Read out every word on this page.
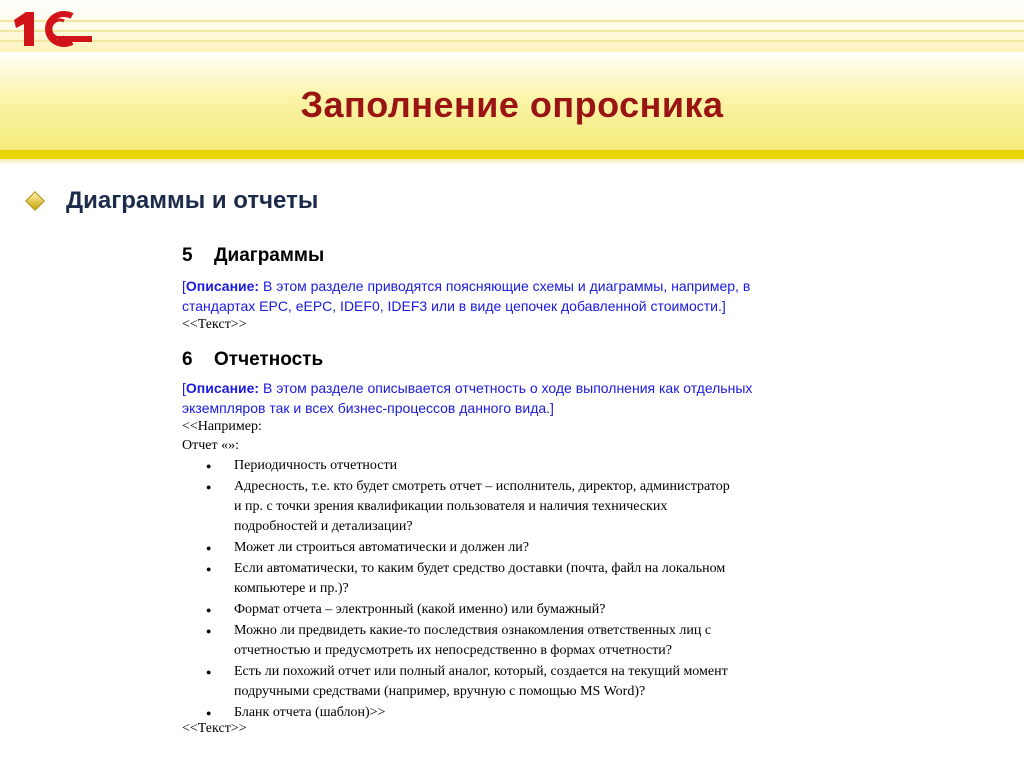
Заполнение опросника
Диаграммы и отчеты
5 Диаграммы
[Описание: В этом разделе приводятся поясняющие схемы и диаграммы, например, в
стандартах EPC, eEPC, IDEF0, IDEF3 или в виде цепочек добавленной стоимости.]
<<Текст>>
6 Отчетность
[Описание: В этом разделе описывается отчетность о ходе выполнения как отдельных
экземпляров так и всех бизнес-процессов данного вида.]
<<Например:
Отчет «»:
● Периодичность отчетности
● Адресность, т.е. кто будет смотреть отчет – исполнитель, директор, администратор
и пр. с точки зрения квалификации пользователя и наличия технических
подробностей и детализации?
● Может ли строиться автоматически и должен ли?
● Если автоматически, то каким будет средство доставки (почта, файл на локальном
компьютере и пр.)?
● Формат отчета – электронный (какой именно) или бумажный?
● Можно ли предвидеть какие-то последствия ознакомления ответственных лиц с
отчетностью и предусмотреть их непосредственно в формах отчетности?
● Есть ли похожий отчет или полный аналог, который, создается на текущий момент
подручными средствами (например, вручную с помощью MS Word)?
● Бланк отчета (шаблон)>>
<<Текст>>
